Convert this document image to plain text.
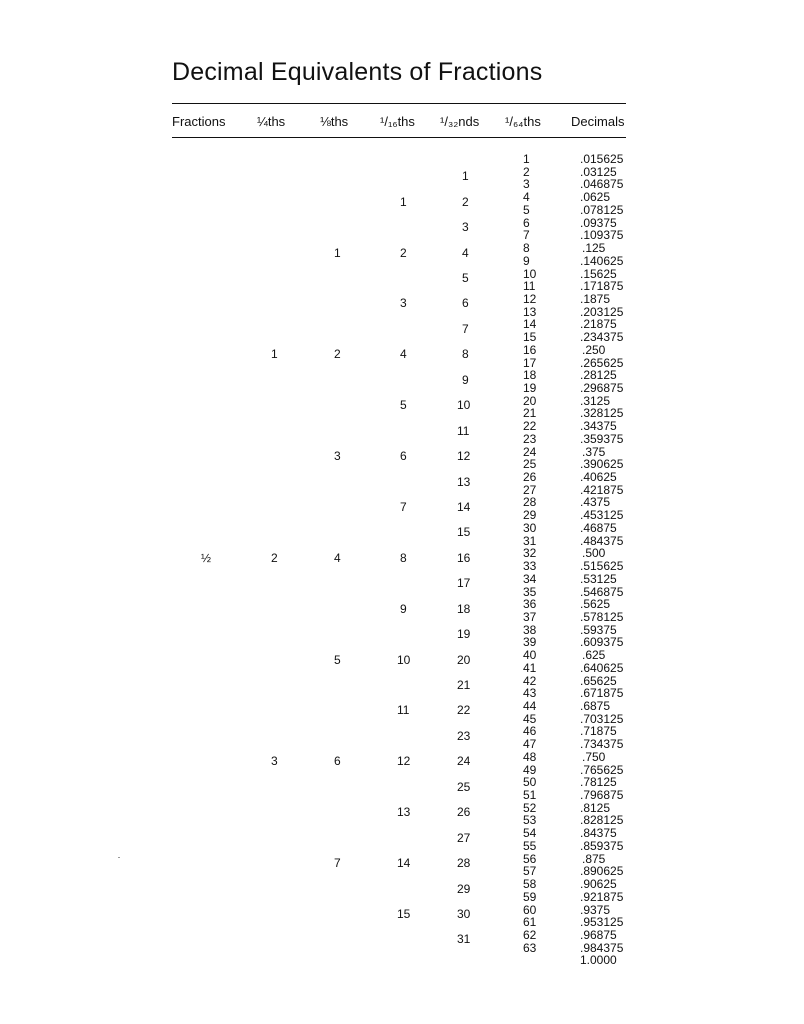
Decimal Equivalents of Fractions
Fractions ¼ths	⅛ths ¹/₁₆ths ¹/₃₂nds ¹/₆₄ths Decimals
1
2
3
4
5
6
7
8
9
10
11
12
13
14
15
16
17
18
19
20
21
22
23
24
25
26
27
28
29
30
31
32
33
34
35
36
37
38
39
40
41
42
43
44
45
46
47
48
49
50
51
52
53
54
55
56
57
58
59
60
61
62
63
.015625
.03125
.046875
.0625
.078125
.09375
.109375
.125
.140625
.15625
.171875
.1875
.203125
.21875
.234375
.250
.265625
.28125
.296875
.3125
.328125
.34375
.359375
.375
.390625
.40625
.421875
.4375
.453125
.46875
.484375
.500
.515625
.53125
.546875
.5625
.578125
.59375
.609375
.625
.640625
.65625
.671875
.6875
.703125
.71875
.734375
.750
.765625
.78125
.796875
.8125
.828125
.84375
.859375
.875
.890625
.90625
.921875
.9375
.953125
.96875
.984375
1.0000
1
2
3
4
5
6
7
8
9
10
11
12
13
14
15
16
17
18
19
20
21
22
23
24
25
26
27
28
29
30
31
1
2
3
4
5
6
7
8
9
10
11
12
13
14
15
1
2
3
4
5
6
7
1
2
3
½
